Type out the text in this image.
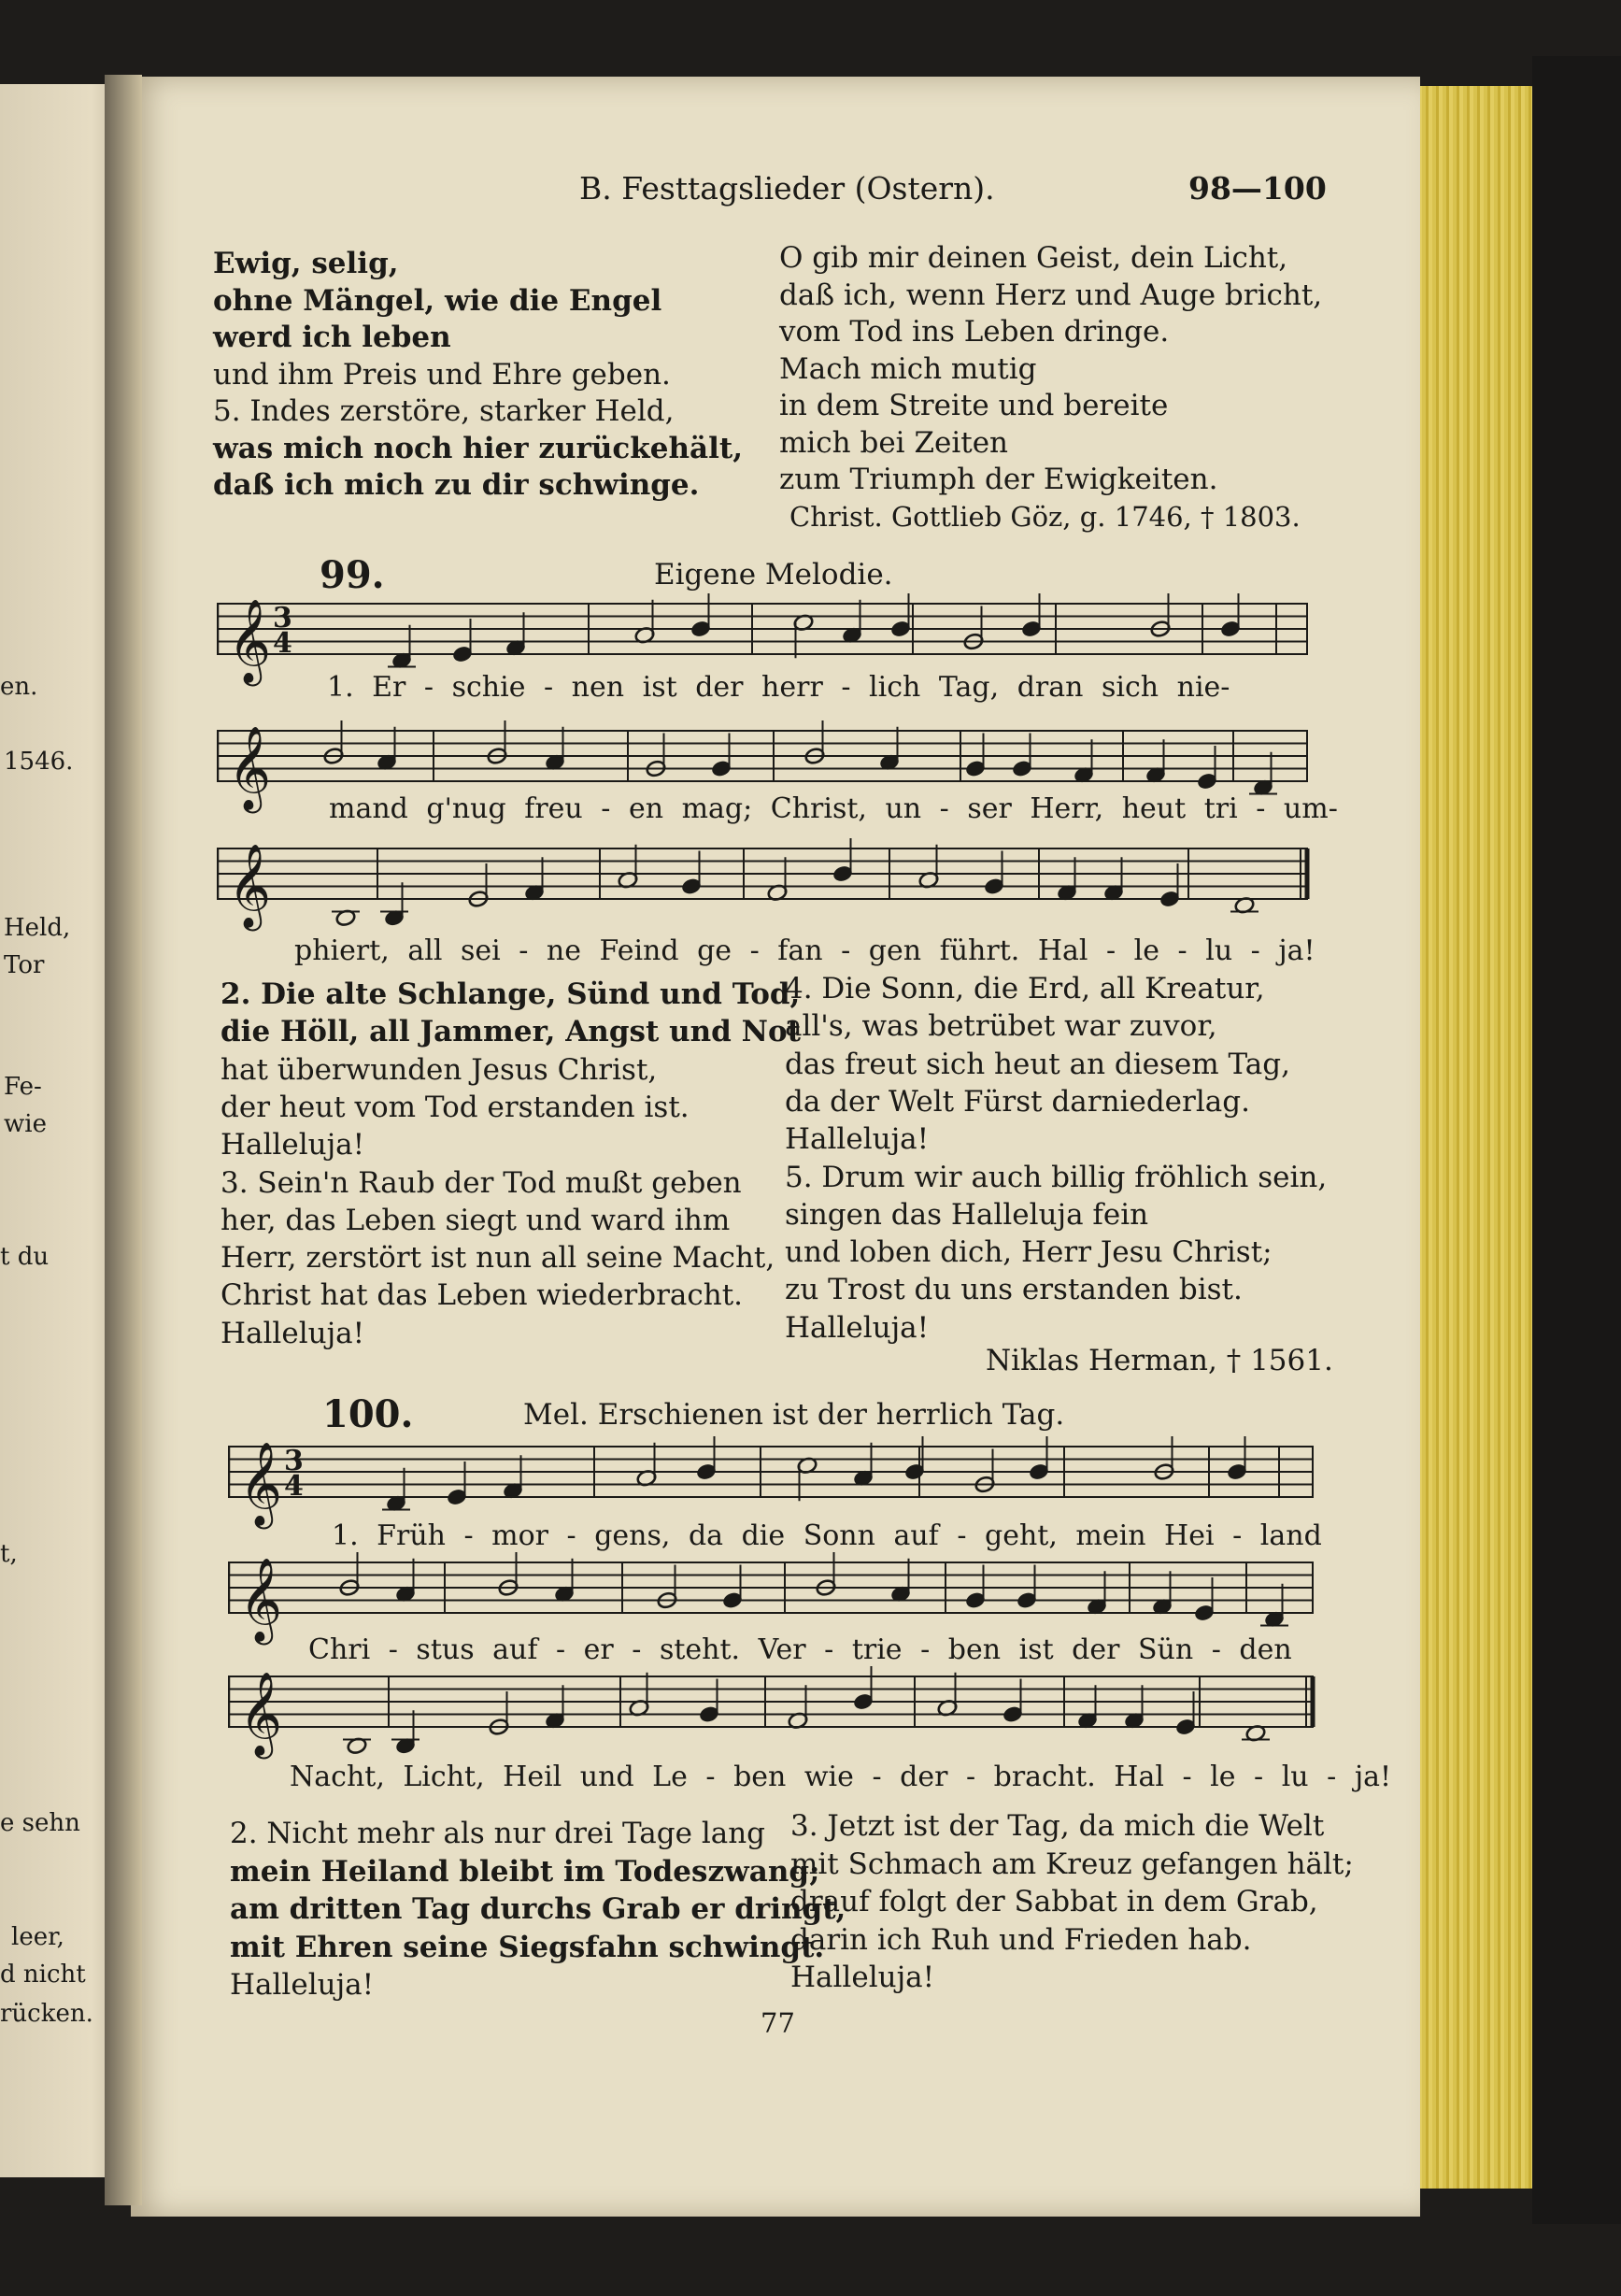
en.
1546.
Held,
Tor
Fe-
wie
t du
t,
e sehn
leer,
d nicht
rücken.
B. Festtagslieder (Ostern).	98—100
Ewig, selig,
ohne Mängel, wie die Engel
werd ich leben
und ihm Preis und Ehre geben.
5. Indes zerstöre, starker Held,
was mich noch hier zurückehält,
daß ich mich zu dir schwinge.
O gib mir deinen Geist, dein Licht,
daß ich, wenn Herz und Auge bricht,
vom Tod ins Leben dringe.
Mach mich mutig
in dem Streite und bereite
mich bei Zeiten
zum Triumph der Ewigkeiten.
Christ. Gottlieb Göz, g. 1746, † 1803.
99.	Eigene Melodie.
𝄞 3
4
𝄞
𝄞
2. Die alte Schlange, Sünd und Tod,
die Höll, all Jammer, Angst und Not
hat überwunden Jesus Christ,
der heut vom Tod erstanden ist.
Halleluja!
3. Sein'n Raub der Tod mußt geben
her, das Leben siegt und ward ihm
Herr, zerstört ist nun all seine Macht,
Christ hat das Leben wiederbracht.
Halleluja!
4. Die Sonn, die Erd, all Kreatur,
all's, was betrübet war zuvor,
das freut sich heut an diesem Tag,
da der Welt Fürst darniederlag.
Halleluja!
5. Drum wir auch billig fröhlich sein,
singen das Halleluja fein
und loben dich, Herr Jesu Christ;
zu Trost du uns erstanden bist.
Halleluja!
Niklas Herman, † 1561.
100.	Mel. Erschienen ist der herrlich Tag.
𝄞 3
4
𝄞
𝄞
2. Nicht mehr als nur drei Tage lang
mein Heiland bleibt im Todeszwang;
am dritten Tag durchs Grab er dringt,
mit Ehren seine Siegsfahn schwingt.
Halleluja!
3. Jetzt ist der Tag, da mich die Welt
mit Schmach am Kreuz gefangen hält;
drauf folgt der Sabbat in dem Grab,
darin ich Ruh und Frieden hab.
Halleluja!
77
1. Er - schie - nen ist der herr - lich Tag, dran sich nie-
mand g'nug freu - en mag; Christ, un - ser Herr, heut tri - um-
phiert, all sei - ne Feind ge - fan - gen führt. Hal - le - lu - ja!
1. Früh - mor - gens, da die Sonn auf - geht, mein Hei - land
Chri - stus auf - er - steht. Ver - trie - ben ist der Sün - den
Nacht, Licht, Heil und Le - ben wie - der - bracht. Hal - le - lu - ja!
